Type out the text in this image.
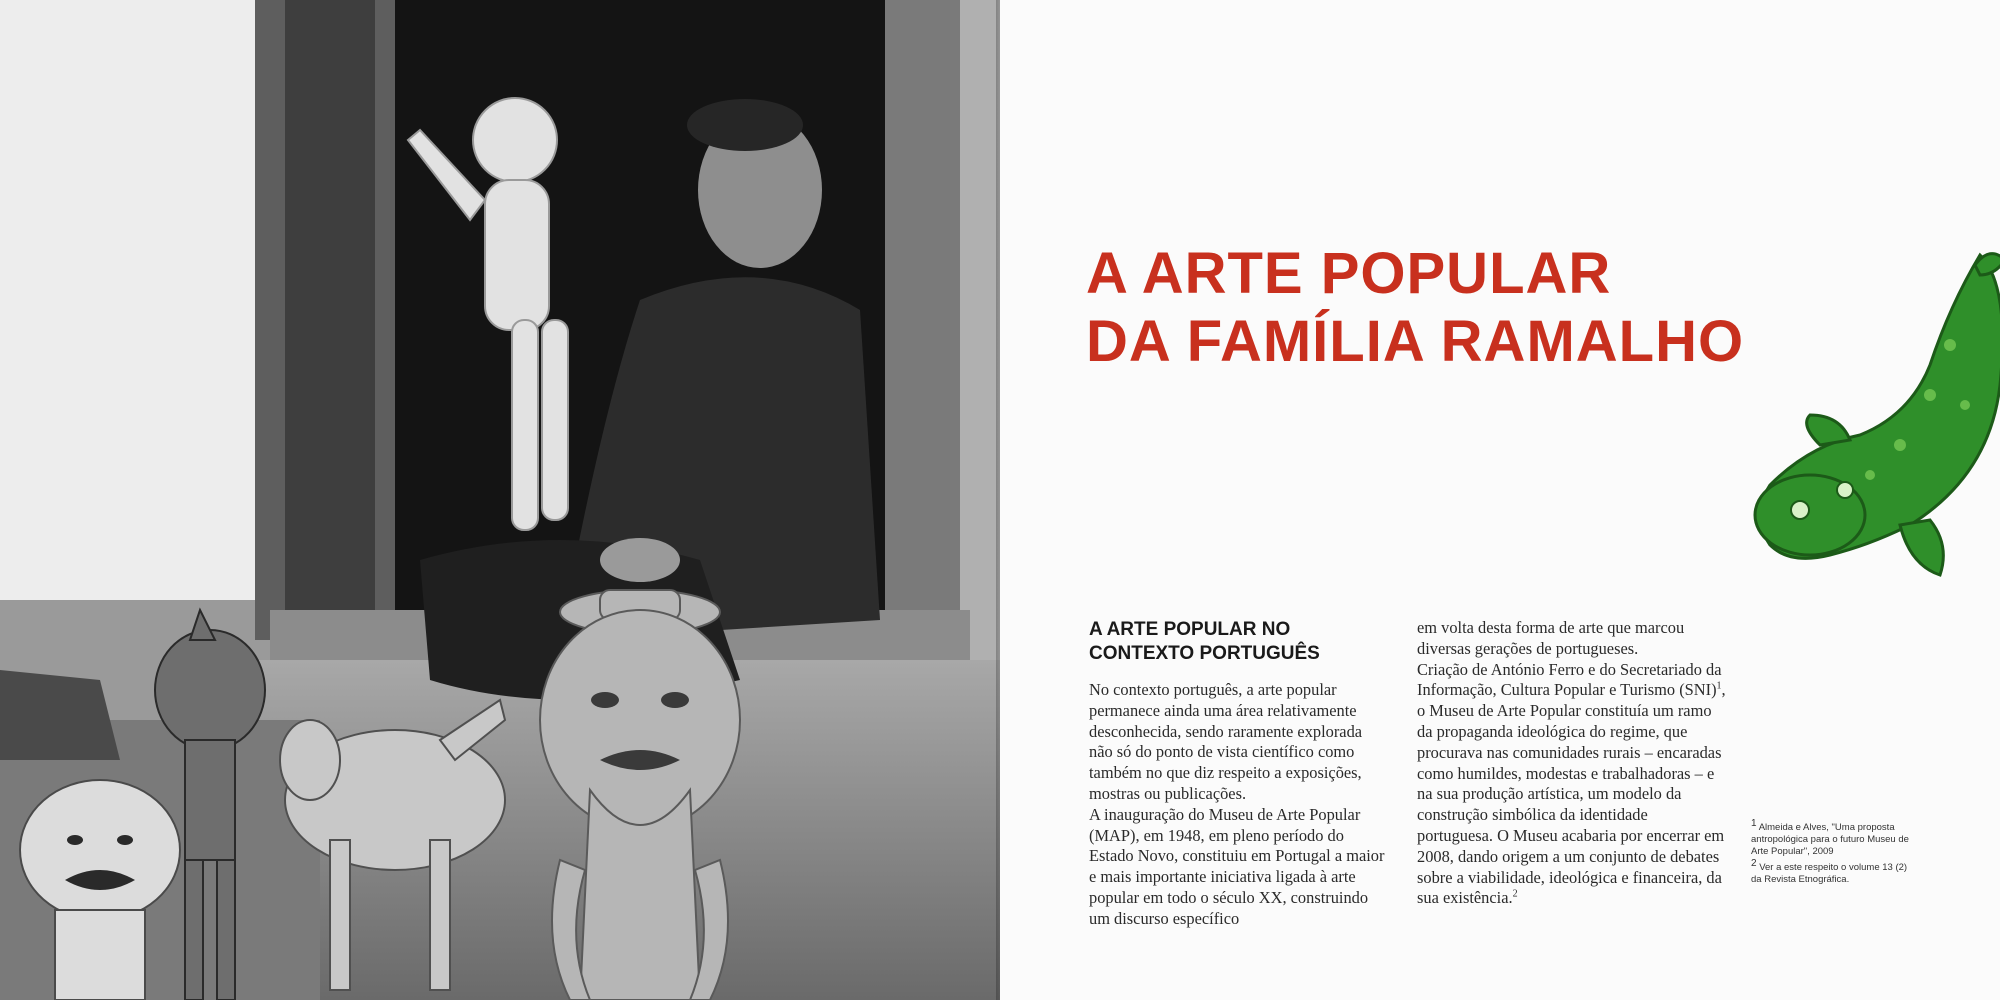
A ARTE POPULAR
DA FAMÍLIA RAMALHO
A ARTE POPULAR NO
CONTEXTO PORTUGUÊS

No contexto português, a arte popular permanece ainda uma área relativamente desconhecida, sendo raramente explorada não só do ponto de vista científico como também no que diz respeito a exposições, mostras ou publicações.

A inauguração do Museu de Arte Popular (MAP), em 1948, em pleno período do Estado Novo, constituiu em Portugal a maior e mais importante iniciativa ligada à arte popular em todo o século XX, construindo um discurso específico

em volta desta forma de arte que marcou diversas gerações de portugueses.

Criação de António Ferro e do Secretariado da Informação, Cultura Popular e Turismo (SNI)$^1$, o Museu de Arte Popular constituía um ramo da propaganda ideológica do regime, que procurava nas comunidades rurais – encaradas como humildes, modestas e trabalhadoras – e na sua produção artística, um modelo da construção simbólica da identidade portuguesa. O Museu acabaria por encerrar em 2008, dando origem a um conjunto de debates sobre a viabilidade, ideológica e financeira, da sua existência.$^2$

$^1$ Almeida e Alves, "Uma proposta antropológica para o futuro Museu de Arte Popular", 2009

$^2$ Ver a este respeito o volume 13 (2) da Revista Etnográfica.
